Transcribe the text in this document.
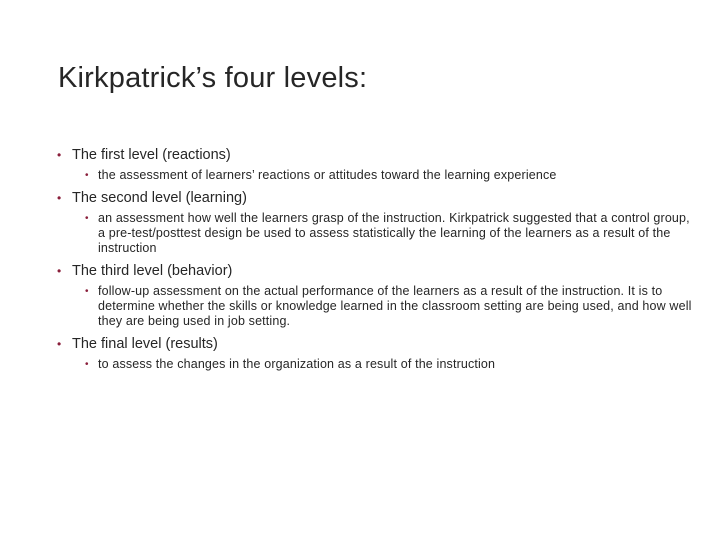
Kirkpatrick’s four levels:
• The first level (reactions)
• the assessment of learners’ reactions or attitudes toward the learning experience
• The second level (learning)
• an assessment how well the learners grasp of the instruction. Kirkpatrick suggested that a control group, a pre-test/posttest design be used to assess statistically the learning of the learners as a result of the instruction
• The third level (behavior)
• follow-up assessment on the actual performance of the learners as a result of the instruction. It is to determine whether the skills or knowledge learned in the classroom setting are being used, and how well they are being used in job setting.
• The final level (results)
• to assess the changes in the organization as a result of the instruction
